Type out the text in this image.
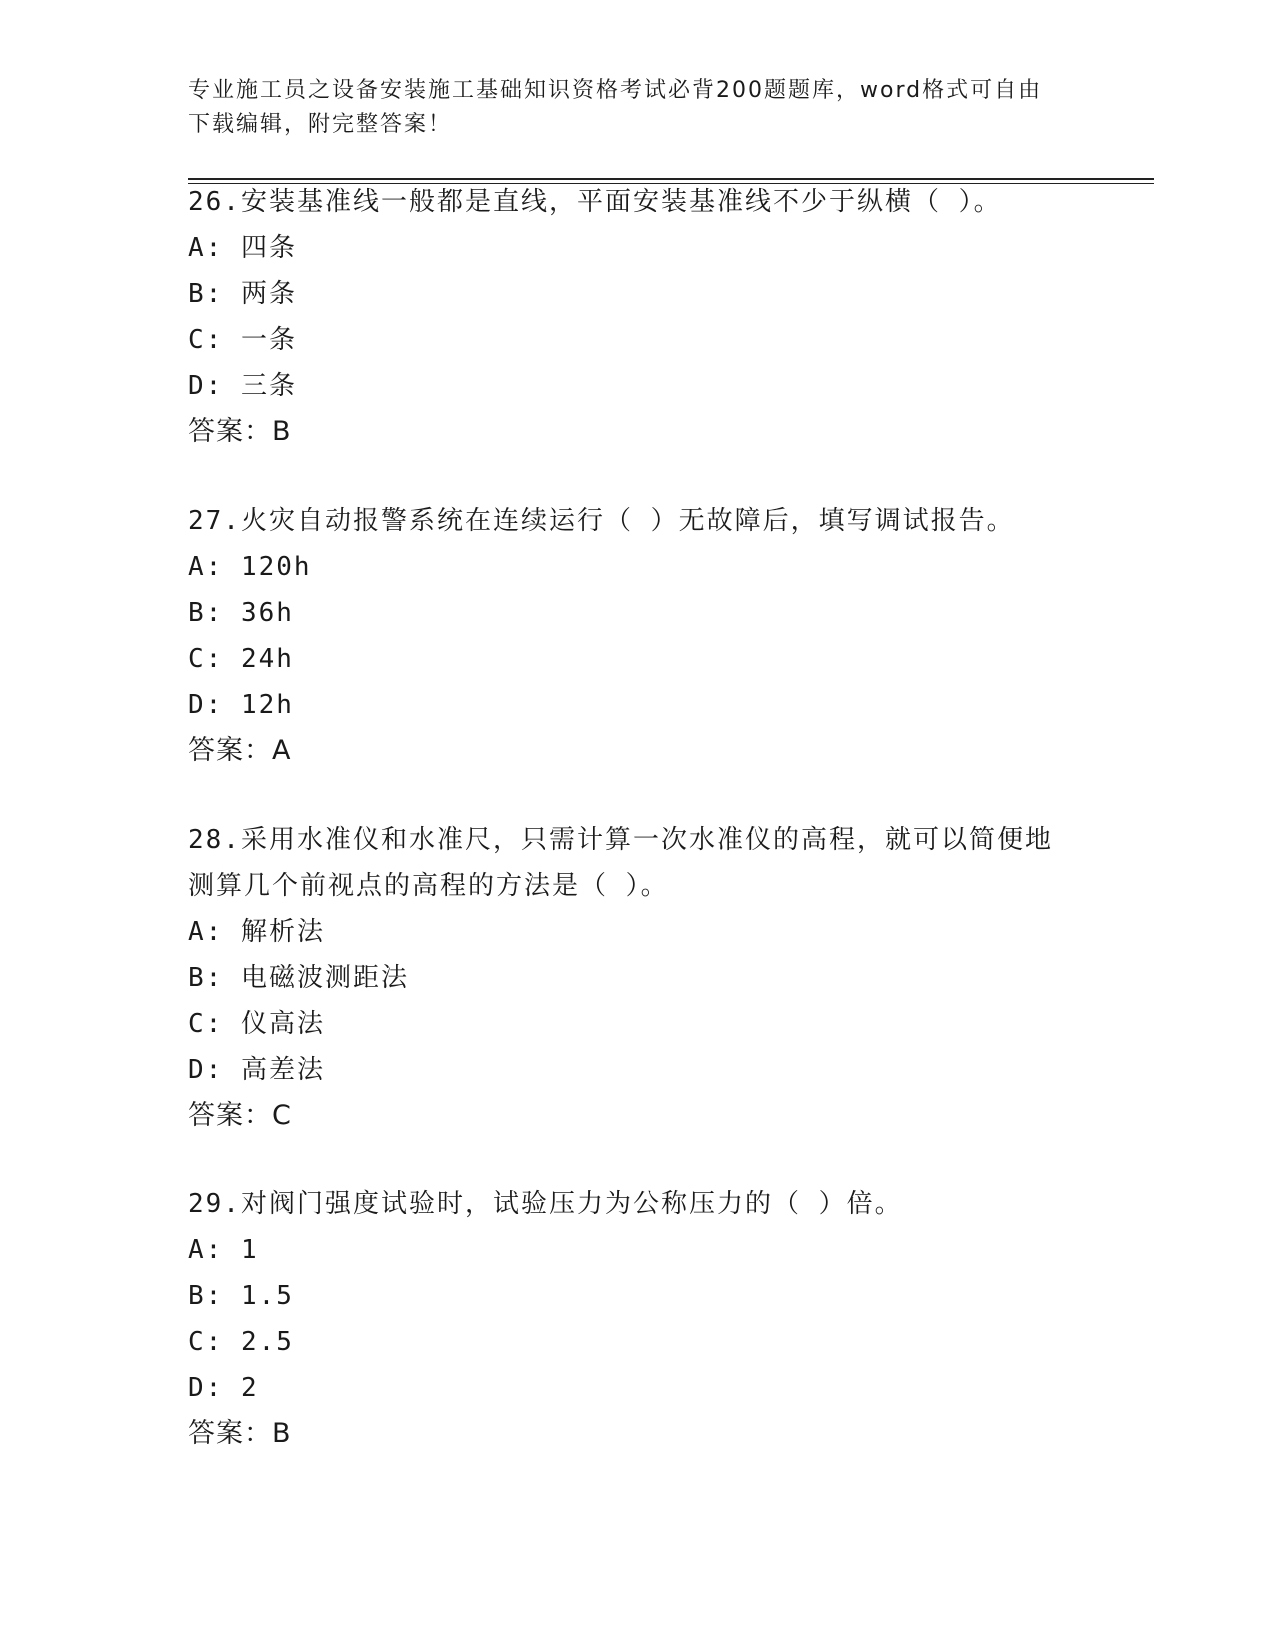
专业施工员之设备安装施工基础知识资格考试必背200题题库，word格式可自由
下载编辑，附完整答案！
26.安装基准线一般都是直线，平面安装基准线不少于纵横（ ）。
A: 四条
B: 两条
C: 一条
D: 三条
答案：B
27.火灾自动报警系统在连续运行（ ）无故障后，填写调试报告。
A: 120h
B: 36h
C: 24h
D: 12h
答案：A
28.采用水准仪和水准尺，只需计算一次水准仪的高程，就可以简便地
测算几个前视点的高程的方法是（ ）。
A: 解析法
B: 电磁波测距法
C: 仪高法
D: 高差法
答案：C
29.对阀门强度试验时，试验压力为公称压力的（ ）倍。
A: 1
B: 1.5
C: 2.5
D: 2
答案：B
